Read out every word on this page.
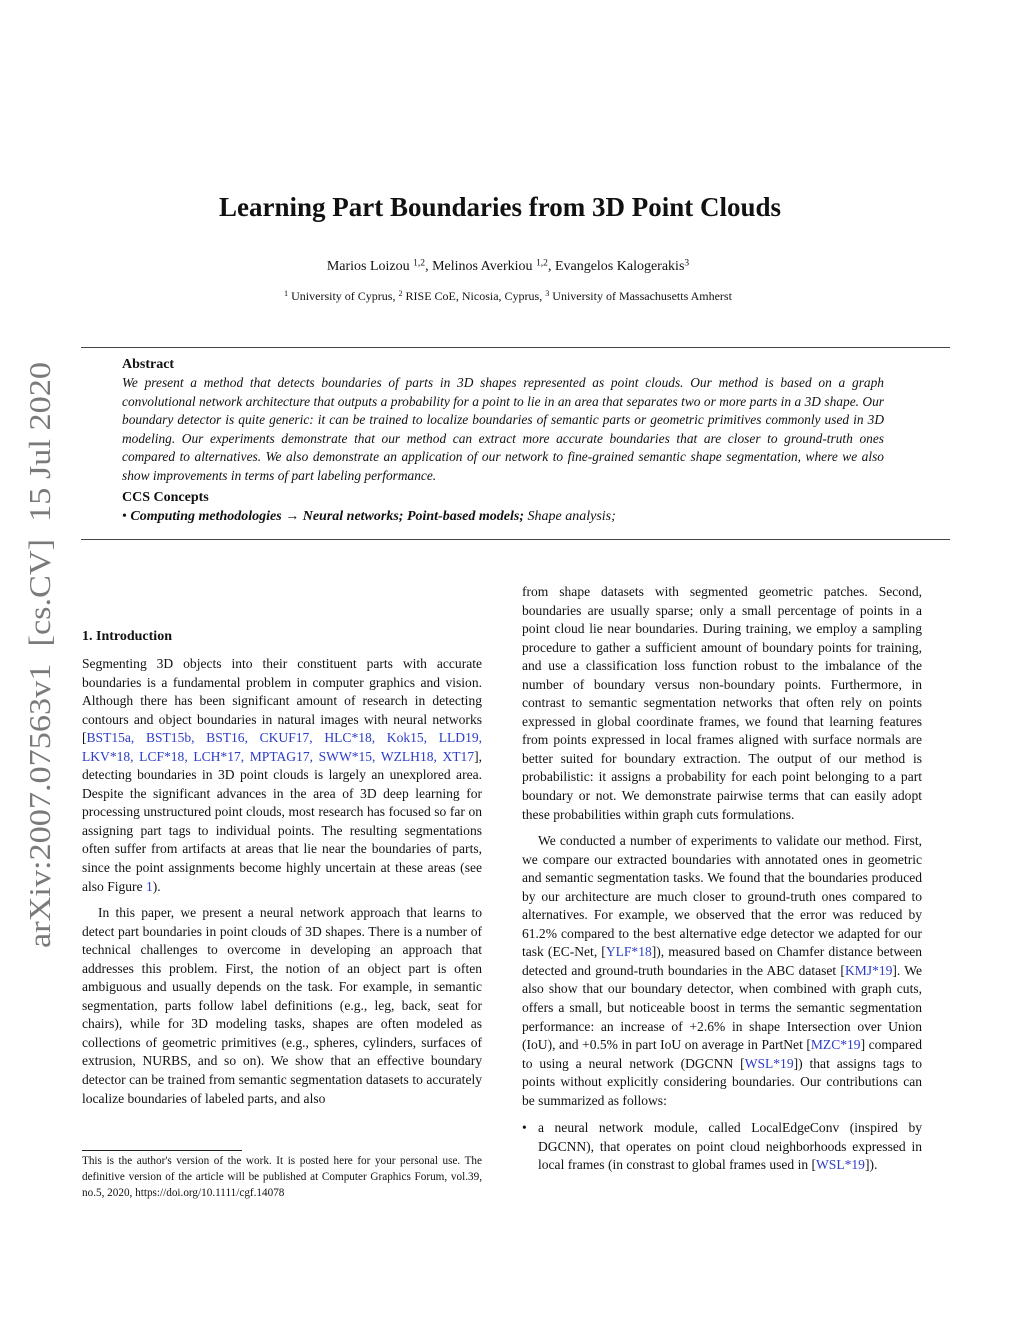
arXiv:2007.07563v1  [cs.CV]  15 Jul 2020
Learning Part Boundaries from 3D Point Clouds
Marios Loizou $^{1,2}$, Melinos Averkiou $^{1,2}$, Evangelos Kalogerakis$^3$
$^1$ University of Cyprus, $^2$ RISE CoE, Nicosia, Cyprus, $^3$ University of Massachusetts Amherst
Abstract
We present a method that detects boundaries of parts in 3D shapes represented as point clouds. Our method is based on a graph convolutional network architecture that outputs a probability for a point to lie in an area that separates two or more parts in a 3D shape. Our boundary detector is quite generic: it can be trained to localize boundaries of semantic parts or geometric primitives commonly used in 3D modeling. Our experiments demonstrate that our method can extract more accurate boundaries that are closer to ground-truth ones compared to alternatives. We also demonstrate an application of our network to fine-grained semantic shape segmentation, where we also show improvements in terms of part labeling performance.
CCS Concepts
• Computing methodologies → Neural networks; Point-based models; Shape analysis;
1. Introduction

Segmenting 3D objects into their constituent parts with accurate boundaries is a fundamental problem in computer graphics and vision. Although there has been significant amount of research in detecting contours and object boundaries in natural images with neural networks [BST15a, BST15b, BST16, CKUF17, HLC*18, Kok15, LLD19, LKV*18, LCF*18, LCH*17, MPTAG17, SWW*15, WZLH18, XT17], detecting boundaries in 3D point clouds is largely an unexplored area. Despite the significant advances in the area of 3D deep learning for processing unstructured point clouds, most research has focused so far on assigning part tags to individual points. The resulting segmentations often suffer from artifacts at areas that lie near the boundaries of parts, since the point assignments become highly uncertain at these areas (see also Figure 1).

In this paper, we present a neural network approach that learns to detect part boundaries in point clouds of 3D shapes. There is a number of technical challenges to overcome in developing an approach that addresses this problem. First, the notion of an object part is often ambiguous and usually depends on the task. For example, in semantic segmentation, parts follow label definitions (e.g., leg, back, seat for chairs), while for 3D modeling tasks, shapes are often modeled as collections of geometric primitives (e.g., spheres, cylinders, surfaces of extrusion, NURBS, and so on). We show that an effective boundary detector can be trained from semantic segmentation datasets to accurately localize boundaries of labeled parts, and also

This is the author's version of the work. It is posted here for your personal use. The definitive version of the article will be published at Computer Graphics Forum, vol.39, no.5, 2020, https://doi.org/10.1111/cgf.14078

from shape datasets with segmented geometric patches. Second, boundaries are usually sparse; only a small percentage of points in a point cloud lie near boundaries. During training, we employ a sampling procedure to gather a sufficient amount of boundary points for training, and use a classification loss function robust to the imbalance of the number of boundary versus non-boundary points. Furthermore, in contrast to semantic segmentation networks that often rely on points expressed in global coordinate frames, we found that learning features from points expressed in local frames aligned with surface normals are better suited for boundary extraction. The output of our method is probabilistic: it assigns a probability for each point belonging to a part boundary or not. We demonstrate pairwise terms that can easily adopt these probabilities within graph cuts formulations.

We conducted a number of experiments to validate our method. First, we compare our extracted boundaries with annotated ones in geometric and semantic segmentation tasks. We found that the boundaries produced by our architecture are much closer to ground-truth ones compared to alternatives. For example, we observed that the error was reduced by 61.2% compared to the best alternative edge detector we adapted for our task (EC-Net, [YLF*18]), measured based on Chamfer distance between detected and ground-truth boundaries in the ABC dataset [KMJ*19]. We also show that our boundary detector, when combined with graph cuts, offers a small, but noticeable boost in terms the semantic segmentation performance: an increase of +2.6% in shape Intersection over Union (IoU), and +0.5% in part IoU on average in PartNet [MZC*19] compared to using a neural network (DGCNN [WSL*19]) that assigns tags to points without explicitly considering boundaries. Our contributions can be summarized as follows:

• a neural network module, called LocalEdgeConv (inspired by DGCNN), that operates on point cloud neighborhoods expressed in local frames (in constrast to global frames used in [WSL*19]).
